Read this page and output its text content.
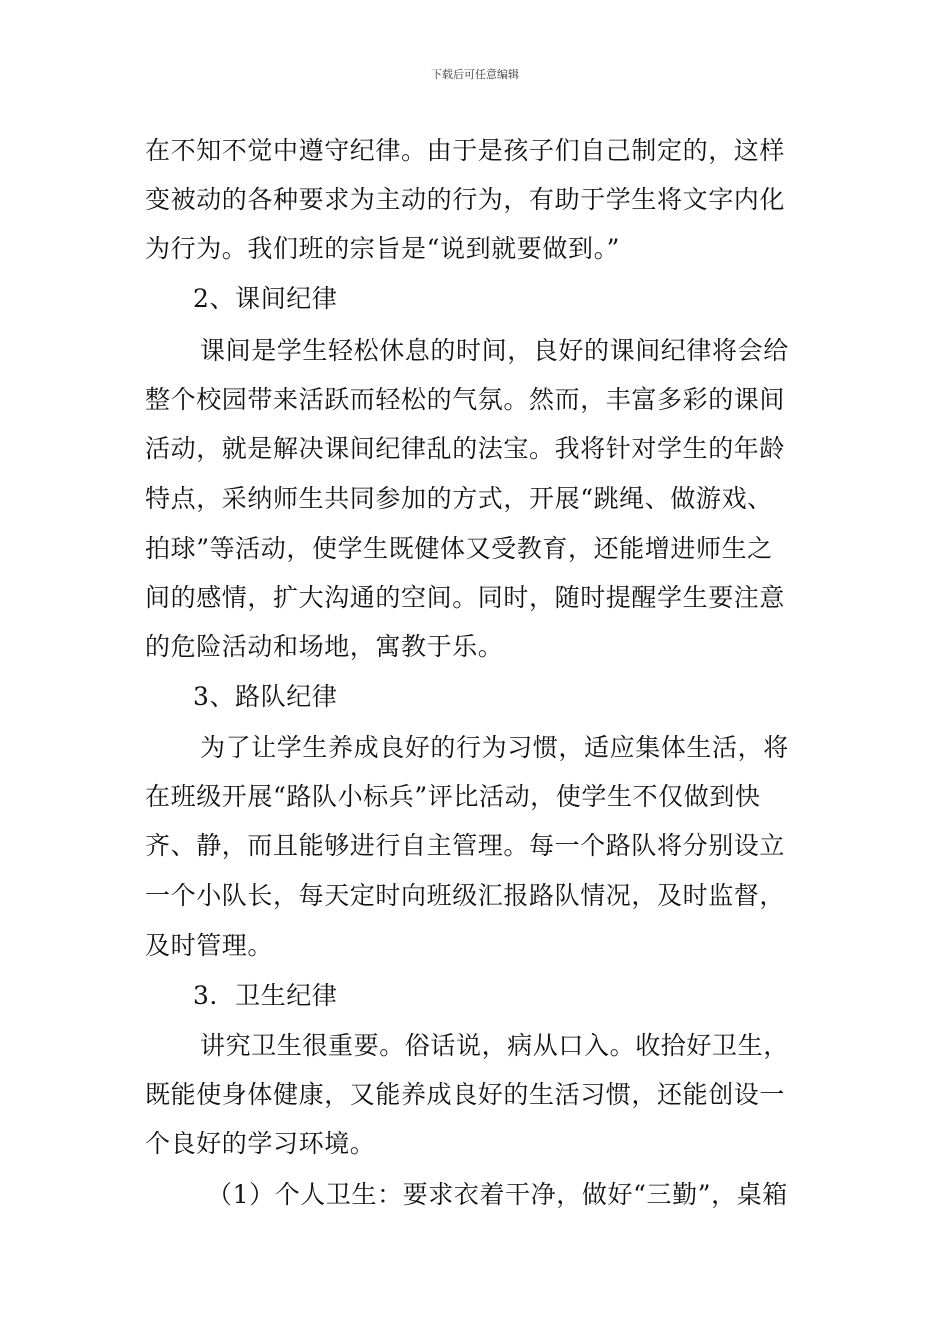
下载后可任意编辑
在不知不觉中遵守纪律。由于是孩子们自己制定的，这样
变被动的各种要求为主动的行为，有助于学生将文字内化
为行为。我们班的宗旨是“说到就要做到。”
2、课间纪律
课间是学生轻松休息的时间，良好的课间纪律将会给
整个校园带来活跃而轻松的气氛。然而，丰富多彩的课间
活动，就是解决课间纪律乱的法宝。我将针对学生的年龄
特点，采纳师生共同参加的方式，开展“跳绳、做游戏、
拍球”等活动，使学生既健体又受教育，还能增进师生之
间的感情，扩大沟通的空间。同时，随时提醒学生要注意
的危险活动和场地，寓教于乐。
3、路队纪律
为了让学生养成良好的行为习惯，适应集体生活，将
在班级开展“路队小标兵”评比活动，使学生不仅做到快
齐、静，而且能够进行自主管理。每一个路队将分别设立
一个小队长，每天定时向班级汇报路队情况，及时监督，
及时管理。
3．卫生纪律
讲究卫生很重要。俗话说，病从口入。收拾好卫生，
既能使身体健康，又能养成良好的生活习惯，还能创设一
个良好的学习环境。
（1）个人卫生：要求衣着干净，做好“三勤”，桌箱
